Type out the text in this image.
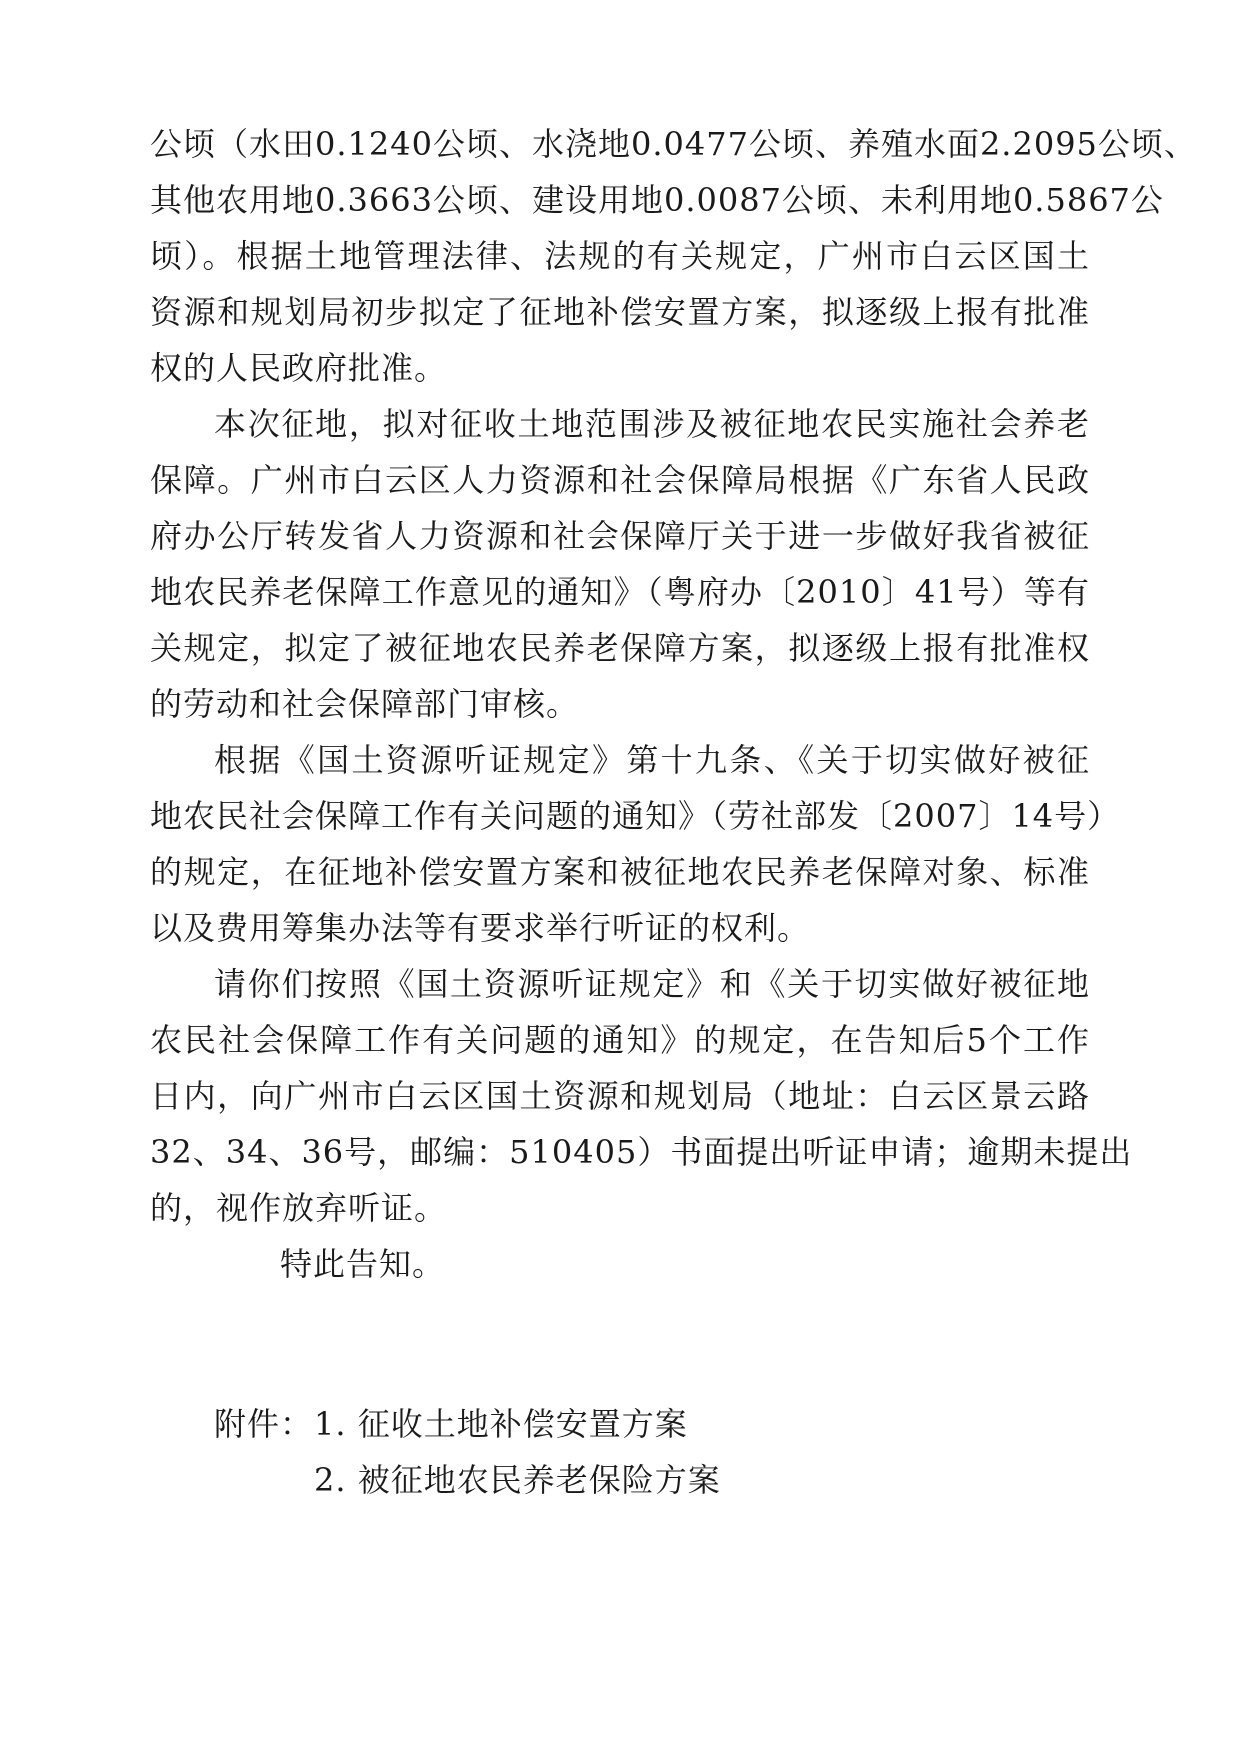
公顷（水田0.1240公顷、水浇地0.0477公顷、养殖水面2.2095公顷、
其他农用地0.3663公顷、建设用地0.0087公顷、未利用地0.5867公
顷）。根据土地管理法律、法规的有关规定，广州市白云区国土
资源和规划局初步拟定了征地补偿安置方案，拟逐级上报有批准
权的人民政府批准。
本次征地，拟对征收土地范围涉及被征地农民实施社会养老
保障。广州市白云区人力资源和社会保障局根据《广东省人民政
府办公厅转发省人力资源和社会保障厅关于进一步做好我省被征
地农民养老保障工作意见的通知》（粤府办〔2010〕41号）等有
关规定，拟定了被征地农民养老保障方案，拟逐级上报有批准权
的劳动和社会保障部门审核。
根据《国土资源听证规定》第十九条、《关于切实做好被征
地农民社会保障工作有关问题的通知》（劳社部发〔2007〕14号）
的规定，在征地补偿安置方案和被征地农民养老保障对象、标准
以及费用筹集办法等有要求举行听证的权利。
请你们按照《国土资源听证规定》和《关于切实做好被征地
农民社会保障工作有关问题的通知》的规定，在告知后5个工作
日内，向广州市白云区国土资源和规划局（地址：白云区景云路
32、34、36号，邮编：510405）书面提出听证申请；逾期未提出
的，视作放弃听证。
特此告知。
附件： 1. 征收土地补偿安置方案
2. 被征地农民养老保险方案
